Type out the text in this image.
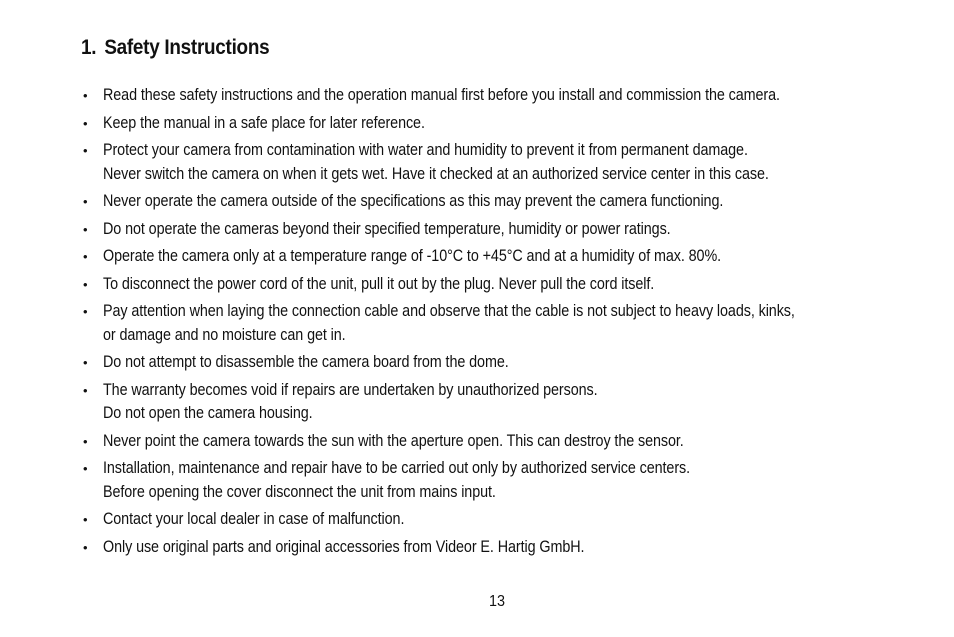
1. Safety Instructions
• Read these safety instructions and the operation manual first before you install and commission the camera.
• Keep the manual in a safe place for later reference.
• Protect your camera from contamination with water and humidity to prevent it from permanent damage.
Never switch the camera on when it gets wet. Have it checked at an authorized service center in this case.
• Never operate the camera outside of the specifications as this may prevent the camera functioning.
• Do not operate the cameras beyond their specified temperature, humidity or power ratings.
• Operate the camera only at a temperature range of -10°C to +45°C and at a humidity of max. 80%.
• To disconnect the power cord of the unit, pull it out by the plug. Never pull the cord itself.
• Pay attention when laying the connection cable and observe that the cable is not subject to heavy loads, kinks,
or damage and no moisture can get in.
• Do not attempt to disassemble the camera board from the dome.
• The warranty becomes void if repairs are undertaken by unauthorized persons.
Do not open the camera housing.
• Never point the camera towards the sun with the aperture open. This can destroy the sensor.
• Installation, maintenance and repair have to be carried out only by authorized service centers.
Before opening the cover disconnect the unit from mains input.
• Contact your local dealer in case of malfunction.
• Only use original parts and original accessories from Videor E. Hartig GmbH.
13
